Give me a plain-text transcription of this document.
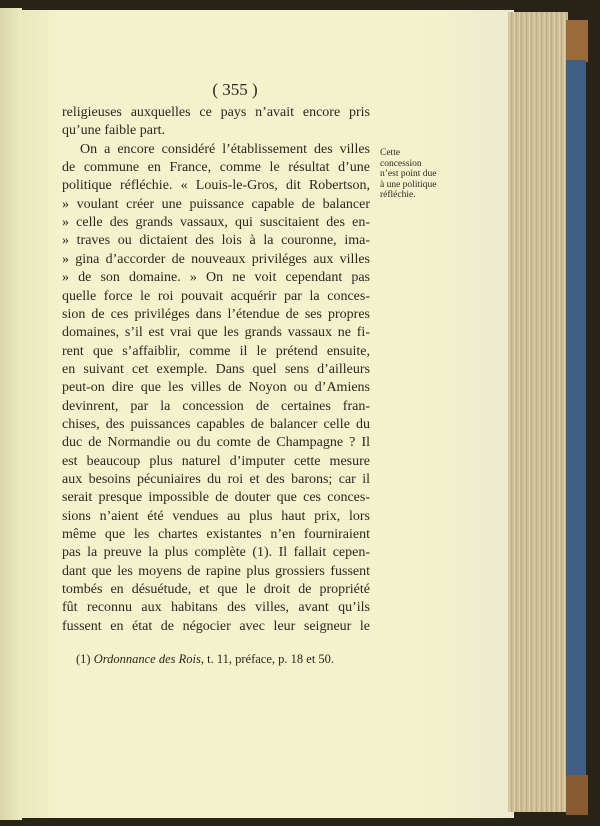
( 355 )
religieuses auxquelles ce pays n’avait encore pris
qu’une faible part.
On a encore considéré l’établissement des villes
de commune en France, comme le résultat d’une
politique réfléchie. « Louis-le-Gros, dit Robertson,
» voulant créer une puissance capable de balancer
» celle des grands vassaux, qui suscitaient des en-
» traves ou dictaient des lois à la couronne, ima-
» gina d’accorder de nouveaux priviléges aux villes
» de son domaine. » On ne voit cependant pas
quelle force le roi pouvait acquérir par la conces-
sion de ces priviléges dans l’étendue de ses propres
domaines, s’il est vrai que les grands vassaux ne fi-
rent que s’affaiblir, comme il le prétend ensuite,
en suivant cet exemple. Dans quel sens d’ailleurs
peut-on dire que les villes de Noyon ou d’Amiens
devinrent, par la concession de certaines fran-
chises, des puissances capables de balancer celle du
duc de Normandie ou du comte de Champagne ? Il
est beaucoup plus naturel d’imputer cette mesure
aux besoins pécuniaires du roi et des barons; car il
serait presque impossible de douter que ces conces-
sions n’aient été vendues au plus haut prix, lors
même que les chartes existantes n’en fourniraient
pas la preuve la plus complète (1). Il fallait cepen-
dant que les moyens de rapine plus grossiers fussent
tombés en désuétude, et que le droit de propriété
fût reconnu aux habitans des villes, avant qu’ils
fussent en état de négocier avec leur seigneur le
Cette concession n’est point due à une politique réfléchie.
(1) Ordonnance des Rois, t. 11, préface, p. 18 et 50.
